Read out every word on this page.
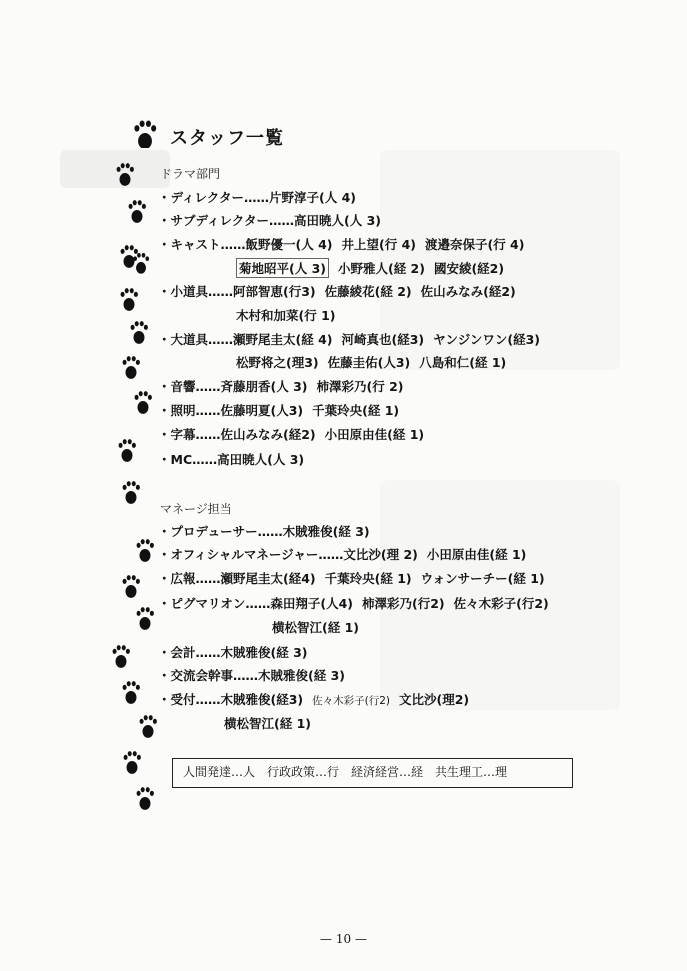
スタッフ一覧
ドラマ部門
・ディレクター……片野淳子(人 4)
・サブディレクター……高田暁人(人 3)
・キャスト……飯野優一(人 4) 井上望(行 4) 渡邉奈保子(行 4)
菊地昭平(人 3) 小野雅人(経 2) 國安綾(経2)
・小道具……阿部智恵(行3) 佐藤綾花(経 2) 佐山みなみ(経2)
木村和加菜(行 1)
・大道具……瀬野尾圭太(経 4) 河崎真也(経3) ヤンジンワン(経3)
松野将之(理3) 佐藤圭佑(人3) 八島和仁(経 1)
・音響……斉藤朋香(人 3) 柿澤彩乃(行 2)
・照明……佐藤明夏(人3) 千葉玲央(経 1)
・字幕……佐山みなみ(経2) 小田原由佳(経 1)
・MC……高田暁人(人 3)
マネージ担当
・プロデューサー……木賊雅俊(経 3)
・オフィシャルマネージャー……文比沙(理 2) 小田原由佳(経 1)
・広報……瀬野尾圭太(経4) 千葉玲央(経 1) ウォンサーチー(経 1)
・ピグマリオン……森田翔子(人4) 柿澤彩乃(行2) 佐々木彩子(行2)
横松智江(経 1)
・会計……木賊雅俊(経 3)
・交流会幹事……木賊雅俊(経 3)
・受付……木賊雅俊(経3) 佐々木彩子(行2) 文比沙(理2)
横松智江(経 1)
人間発達…人 行政政策…行 経済経営…経 共生理工…理
— 10 —
